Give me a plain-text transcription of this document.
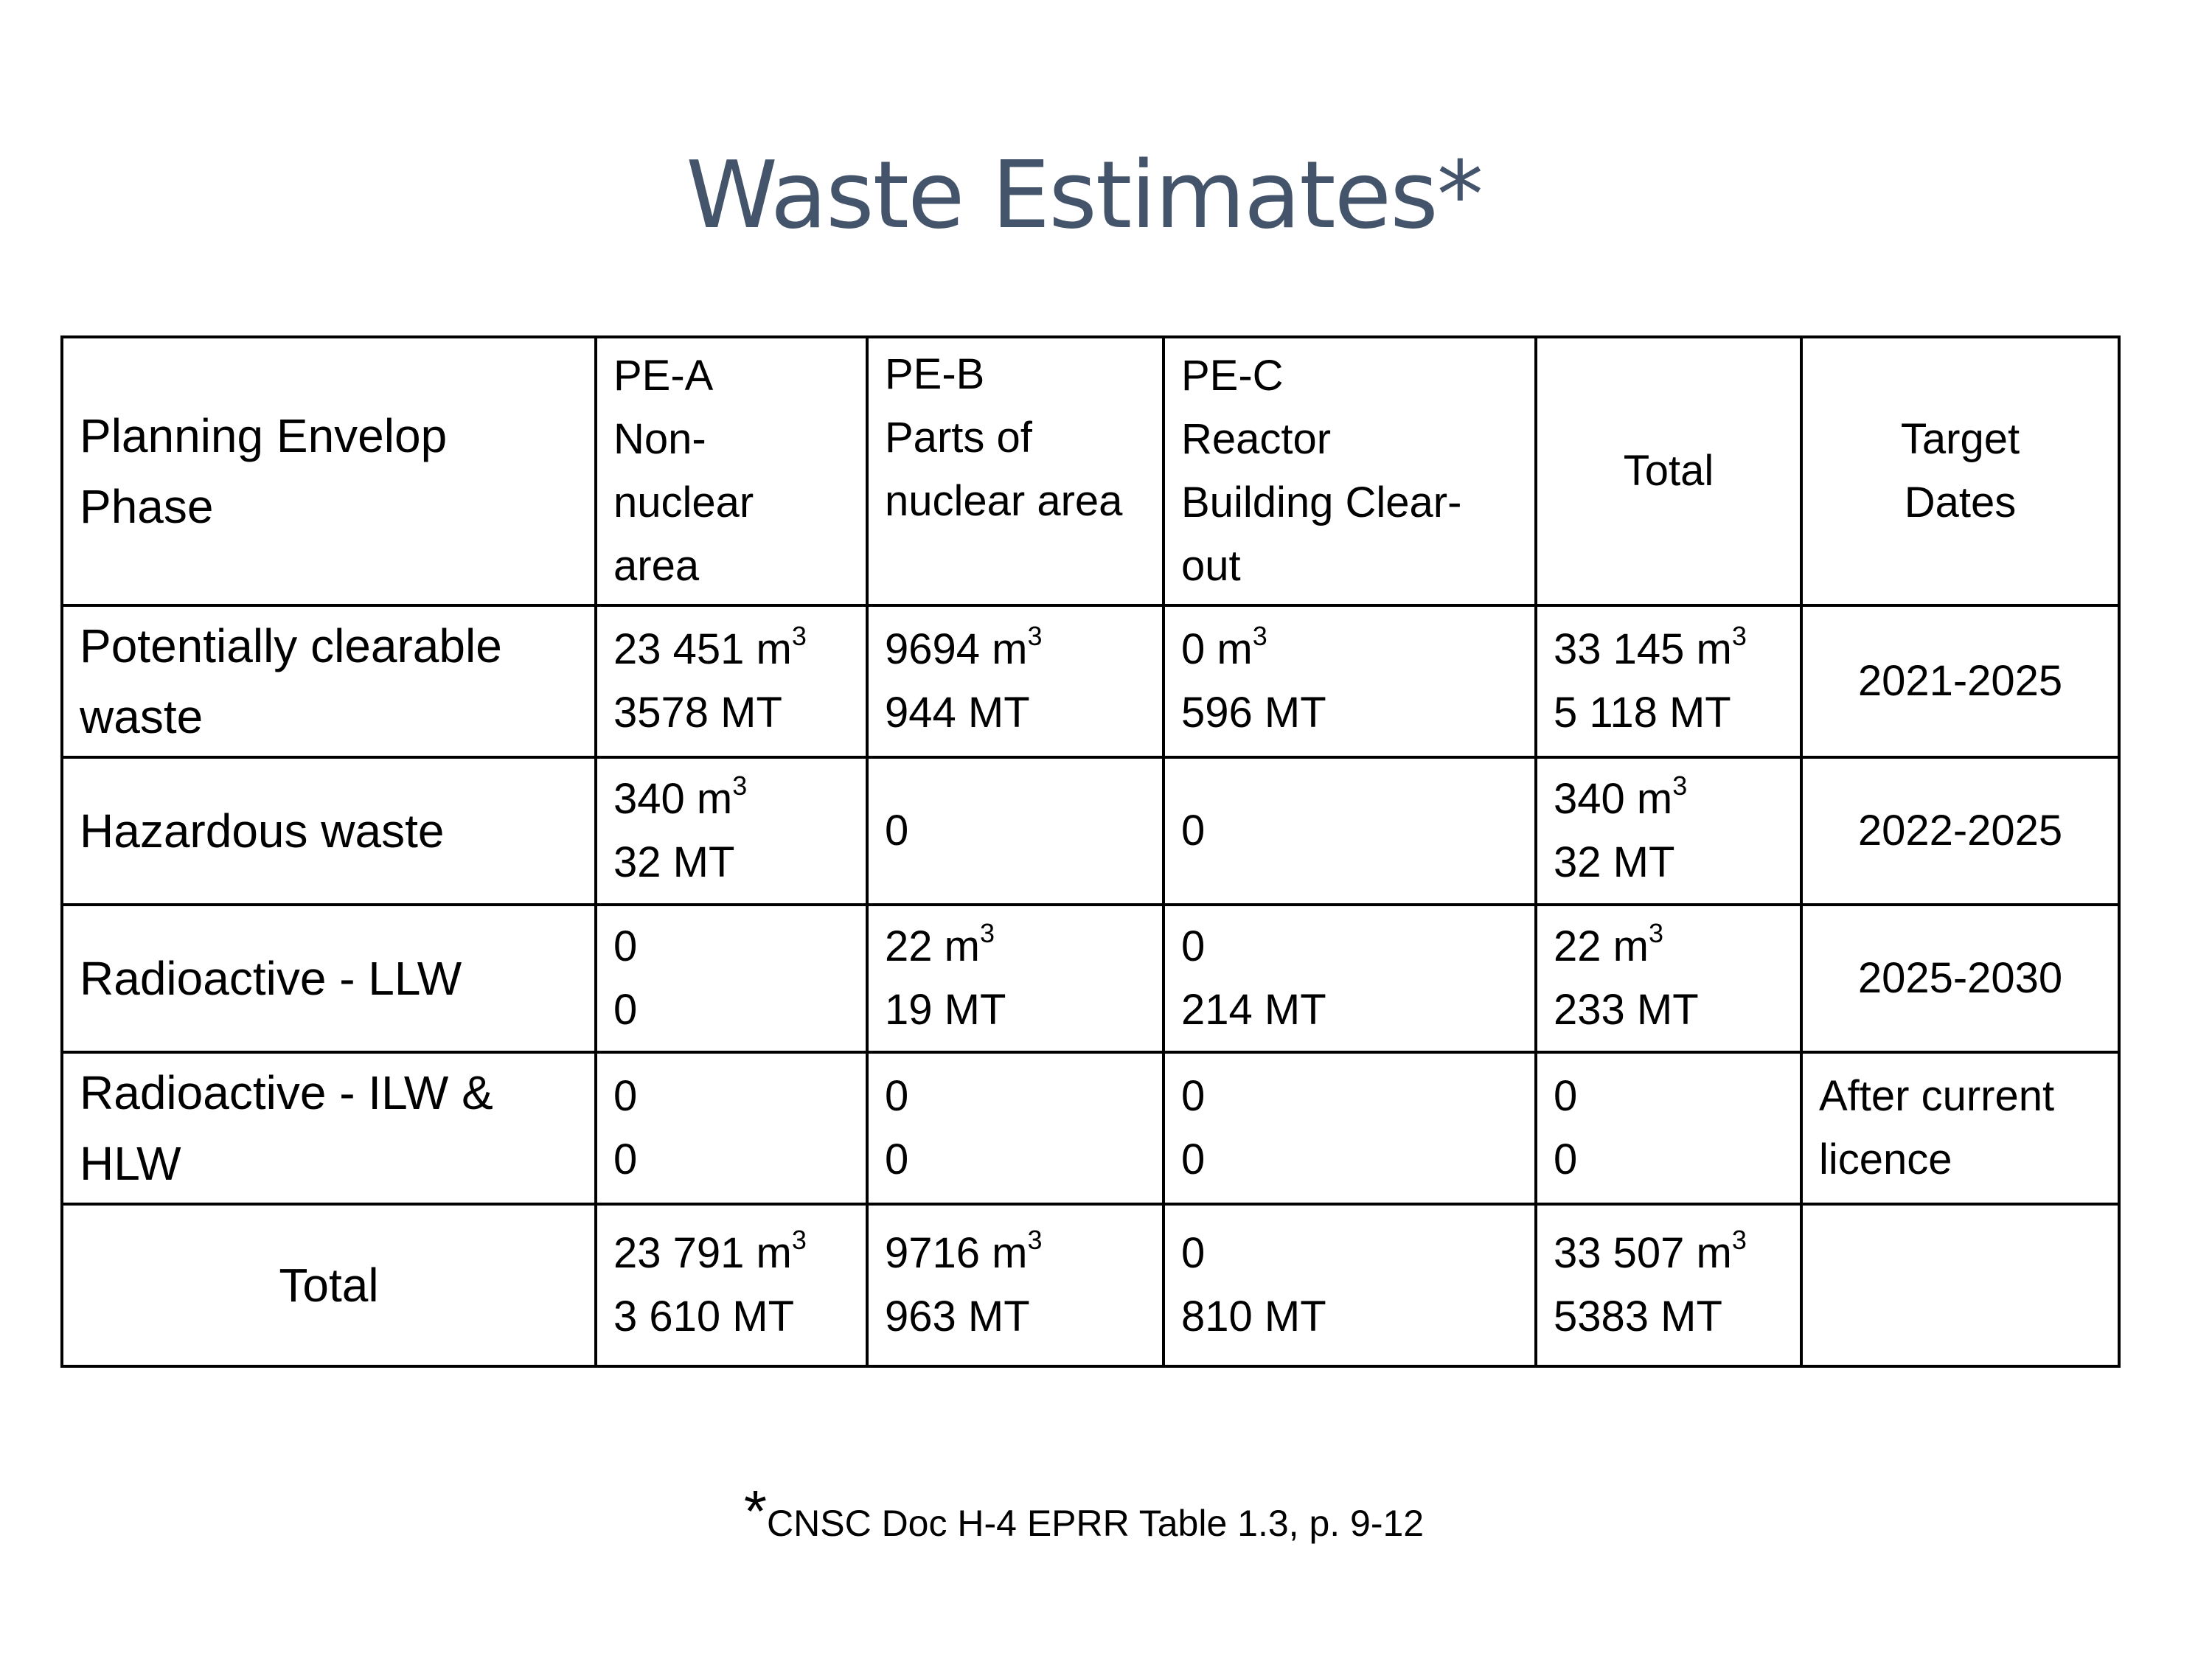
Waste Estimates*
Planning Envelop
Phase	PE-A
Non-
nuclear
area	PE-B
Parts of
nuclear area	PE-C
Reactor
Building Clear-
out	Total	Target
Dates

Potentially clearable
waste	23 451 $m^3$
3578 MT	9694 $m^3$
944 MT	0 $m^3$
596 MT	33 145 $m^3$
5 118 MT	2021-2025

Hazardous waste	340 $m^3$
32 MT	0	0	340 $m^3$
32 MT	2022-2025

Radioactive - LLW	0
0	22 $m^3$
19 MT	0
214 MT	22 $m^3$
233 MT	2025-2030

Radioactive - ILW &
HLW	0
0	0
0	0
0	0
0	After current
licence

Total	23 791 $m^3$
3 610 MT	9716 $m^3$
963 MT	0
810 MT	33 507 $m^3$
5383 MT	

*CNSC Doc H-4 EPRR Table 1.3, p. 9-12
